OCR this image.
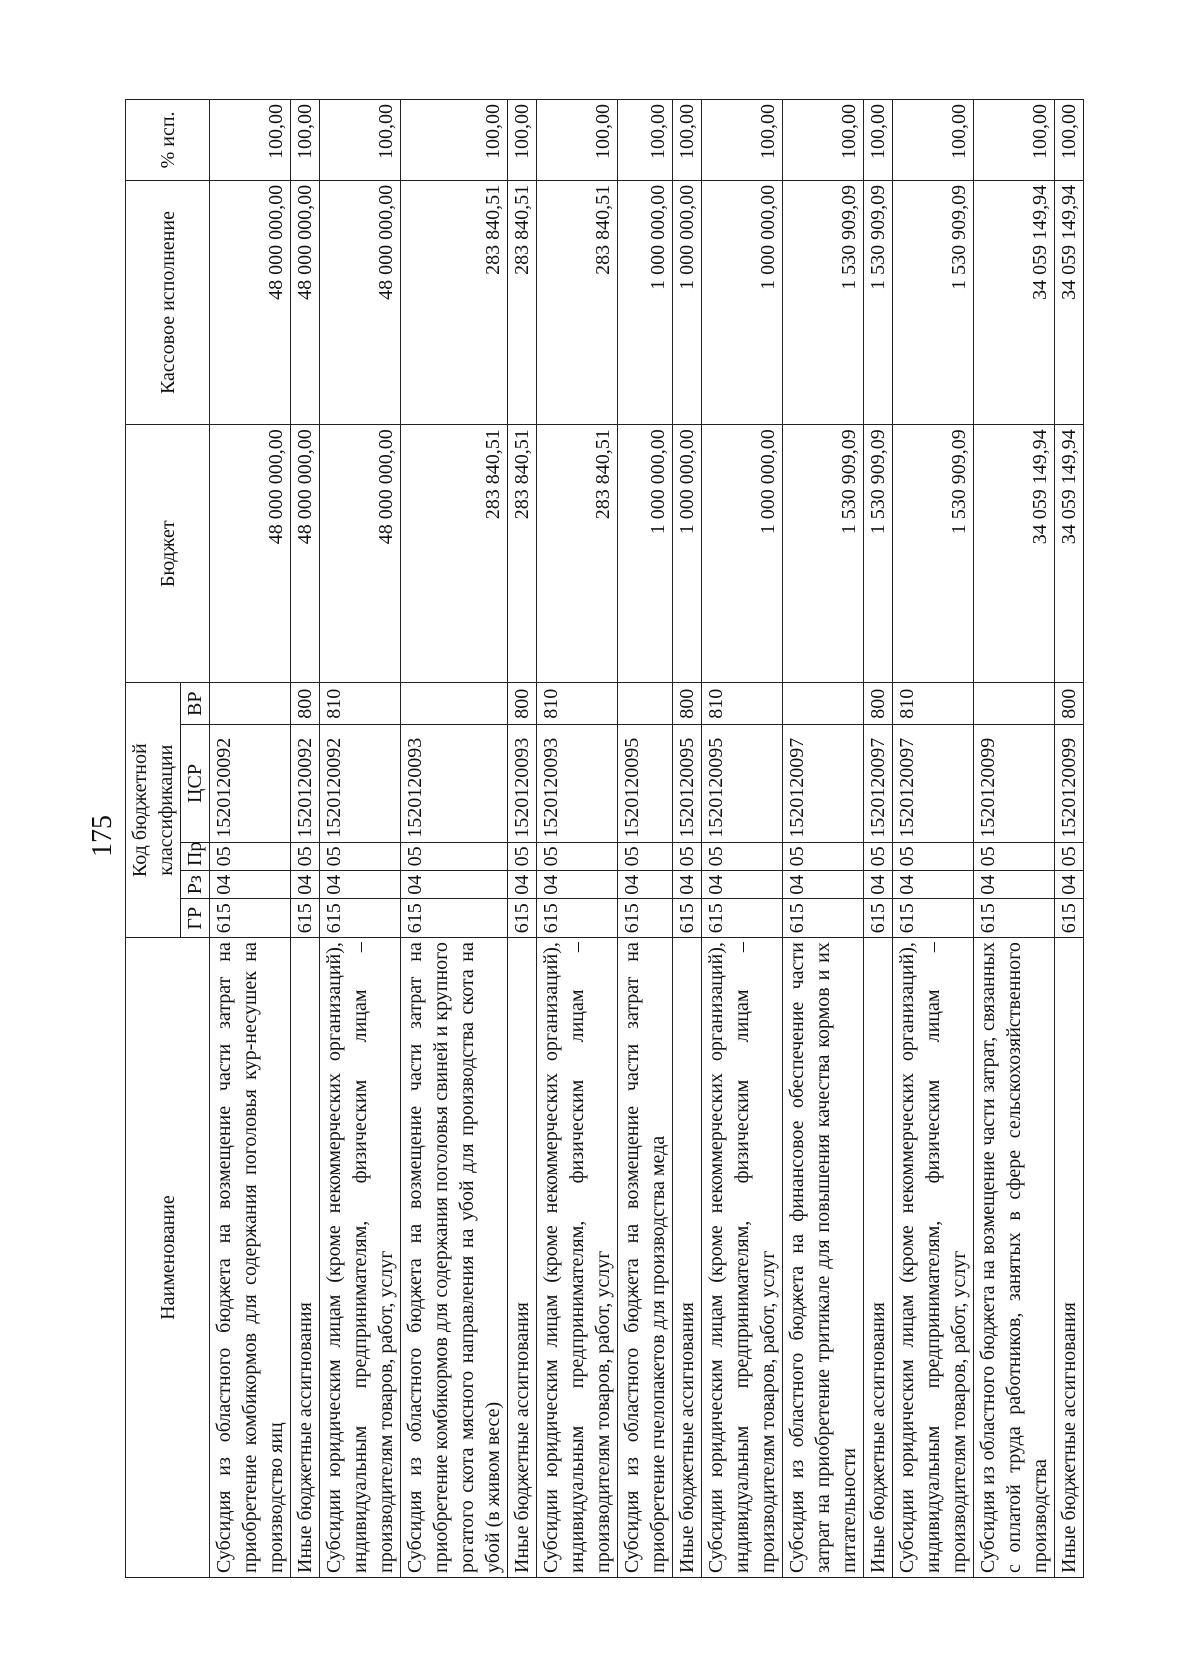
175
Наименование	Код бюджетной классификации					Бюджет	Кассовое исполнение	% исп.
	ГР	Рз	Пр	ЦСР	ВР			
Субсидия из областного бюджета на возмещение части затрат на приобретение комбикормов для содержания поголовья кур-несушек на производство яиц	615	04	05	1520120092		48 000 000,00	48 000 000,00	100,00
Иные бюджетные ассигнования	615	04	05	1520120092	800	48 000 000,00	48 000 000,00	100,00
Субсидии юридическим лицам (кроме некоммерческих организаций), индивидуальным предпринимателям, физическим лицам – производителям товаров, работ, услуг	615	04	05	1520120092	810	48 000 000,00	48 000 000,00	100,00
Субсидия из областного бюджета на возмещение части затрат на приобретение комбикормов для содержания поголовья свиней и крупного рогатого скота мясного направления на убой для производства скота на убой (в живом весе)	615	04	05	1520120093		283 840,51	283 840,51	100,00
Иные бюджетные ассигнования	615	04	05	1520120093	800	283 840,51	283 840,51	100,00
Субсидии юридическим лицам (кроме некоммерческих организаций), индивидуальным предпринимателям, физическим лицам – производителям товаров, работ, услуг	615	04	05	1520120093	810	283 840,51	283 840,51	100,00
Субсидия из областного бюджета на возмещение части затрат на приобретение пчелопакетов для производства меда	615	04	05	1520120095		1 000 000,00	1 000 000,00	100,00
Иные бюджетные ассигнования	615	04	05	1520120095	800	1 000 000,00	1 000 000,00	100,00
Субсидии юридическим лицам (кроме некоммерческих организаций), индивидуальным предпринимателям, физическим лицам – производителям товаров, работ, услуг	615	04	05	1520120095	810	1 000 000,00	1 000 000,00	100,00
Субсидия из областного бюджета на финансовое обеспечение части затрат на приобретение тритикале для повышения качества кормов и их питательности	615	04	05	1520120097		1 530 909,09	1 530 909,09	100,00
Иные бюджетные ассигнования	615	04	05	1520120097	800	1 530 909,09	1 530 909,09	100,00
Субсидии юридическим лицам (кроме некоммерческих организаций), индивидуальным предпринимателям, физическим лицам – производителям товаров, работ, услуг	615	04	05	1520120097	810	1 530 909,09	1 530 909,09	100,00
Субсидия из областного бюджета на возмещение части затрат, связанных с оплатой труда работников, занятых в сфере сельскохозяйственного производства	615	04	05	1520120099		34 059 149,94	34 059 149,94	100,00
Иные бюджетные ассигнования	615	04	05	1520120099	800	34 059 149,94	34 059 149,94	100,00
